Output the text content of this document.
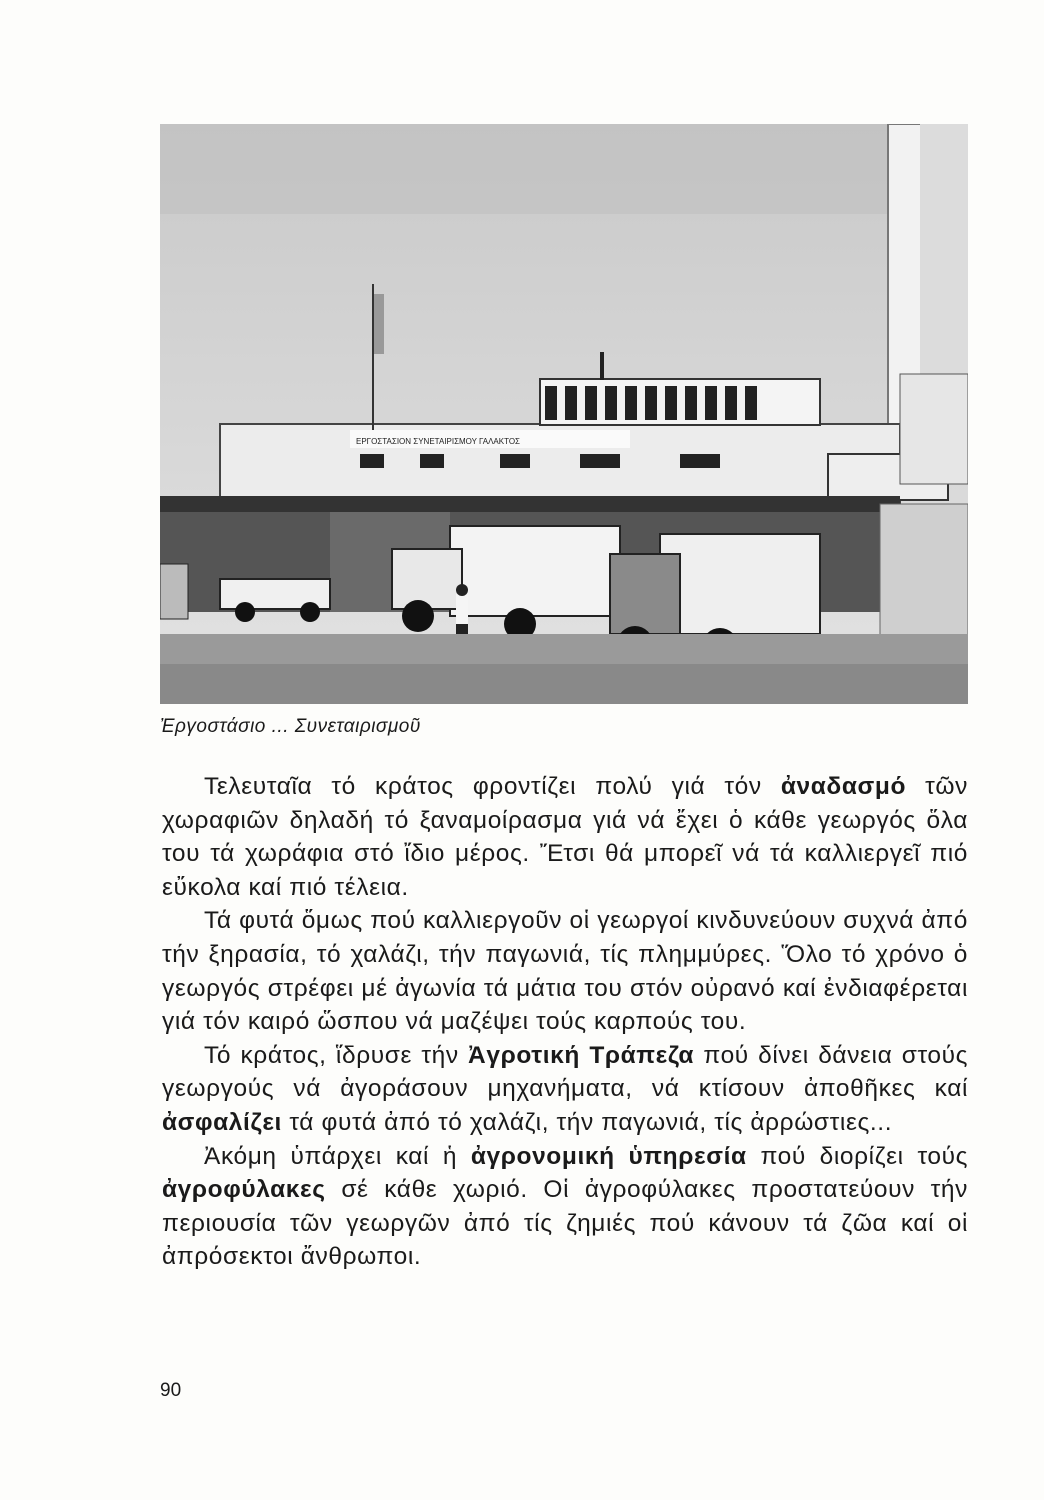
ΕΡΓΟΣΤΑΣΙΟΝ ΣΥΝΕΤΑΙΡΙΣΜΟΥ ΓΑΛΑΚΤΟΣ
Ἐργοστάσιο ... Συνεταιρισμοῦ

Τελευταῖα τό κράτος φροντίζει πολύ γιά τόν ἀναδασμό τῶν χωραφιῶν δηλαδή τό ξαναμοίρασμα γιά νά ἔχει ὁ κάθε γεωργός ὅλα του τά χωράφια στό ἴδιο μέρος. Ἔτσι θά μπορεῖ νά τά καλλιεργεῖ πιό εὔκολα καί πιό τέλεια.

Τά φυτά ὅμως πού καλλιεργοῦν οἱ γεωργοί κινδυνεύουν συχνά ἀπό τήν ξηρασία, τό χαλάζι, τήν παγωνιά, τίς πλημμύρες. Ὅλο τό χρόνο ὁ γεωργός στρέφει μέ ἀγωνία τά μάτια του στόν οὐρανό καί ἐνδιαφέρεται γιά τόν καιρό ὥσπου νά μαζέψει τούς καρπούς του.

Τό κράτος, ἵδρυσε τήν Ἀγροτική Τράπεζα πού δίνει δάνεια στούς γεωργούς νά ἀγοράσουν μηχανήματα, νά κτίσουν ἀποθῆκες καί ἀσφαλίζει τά φυτά ἀπό τό χαλάζι, τήν παγωνιά, τίς ἀρρώστιες...

Ἀκόμη ὑπάρχει καί ἡ ἀγρονομική ὑπηρεσία πού διορίζει τούς ἀγροφύλακες σέ κάθε χωριό. Οἱ ἀγροφύλακες προστατεύουν τήν περιουσία τῶν γεωργῶν ἀπό τίς ζημιές πού κάνουν τά ζῶα καί οἱ ἀπρόσεκτοι ἄνθρωποι.

90
